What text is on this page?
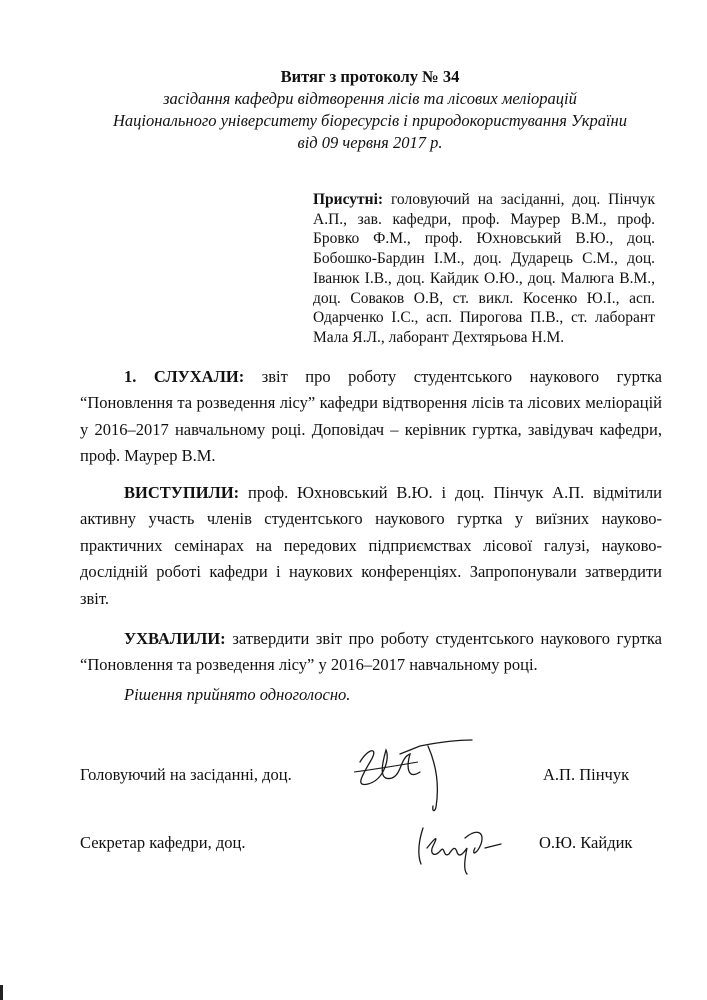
Витяг з протоколу № 34
засідання кафедри відтворення лісів та лісових меліорацій
Національного університету біоресурсів і природокористування України
від 09 червня 2017 р.
Присутні: головуючий на засіданні, доц. Пінчук А.П., зав. кафедри, проф. Маурер В.М., проф. Бровко Ф.М., проф. Юхновський В.Ю., доц. Бобошко-Бардин І.М., доц. Дударець С.М., доц. Іванюк І.В., доц. Кайдик О.Ю., доц. Малюга В.М., доц. Соваков О.В, ст. викл. Косенко Ю.І., асп. Одарченко І.С., асп. Пирогова П.В., ст. лаборант Мала Я.Л., лаборант Дехтярьова Н.М.
1. СЛУХАЛИ: звіт про роботу студентського наукового гуртка “Поновлення та розведення лісу” кафедри відтворення лісів та лісових меліорацій у 2016–2017 навчальному році. Доповідач – керівник гуртка, завідувач кафедри, проф. Маурер В.М.
ВИСТУПИЛИ: проф. Юхновський В.Ю. і доц. Пінчук А.П. відмітили активну участь членів студентського наукового гуртка у виїзних науково-практичних семінарах на передових підприємствах лісової галузі, науково-дослідній роботі кафедри і наукових конференціях. Запропонували затвердити звіт.
УХВАЛИЛИ: затвердити звіт про роботу студентського наукового гуртка “Поновлення та розведення лісу” у 2016–2017 навчальному році.
Рішення прийнято одноголосно.
Головуючий на засіданні, доц.	А.П. Пінчук
Секретар кафедри, доц.	О.Ю. Кайдик
